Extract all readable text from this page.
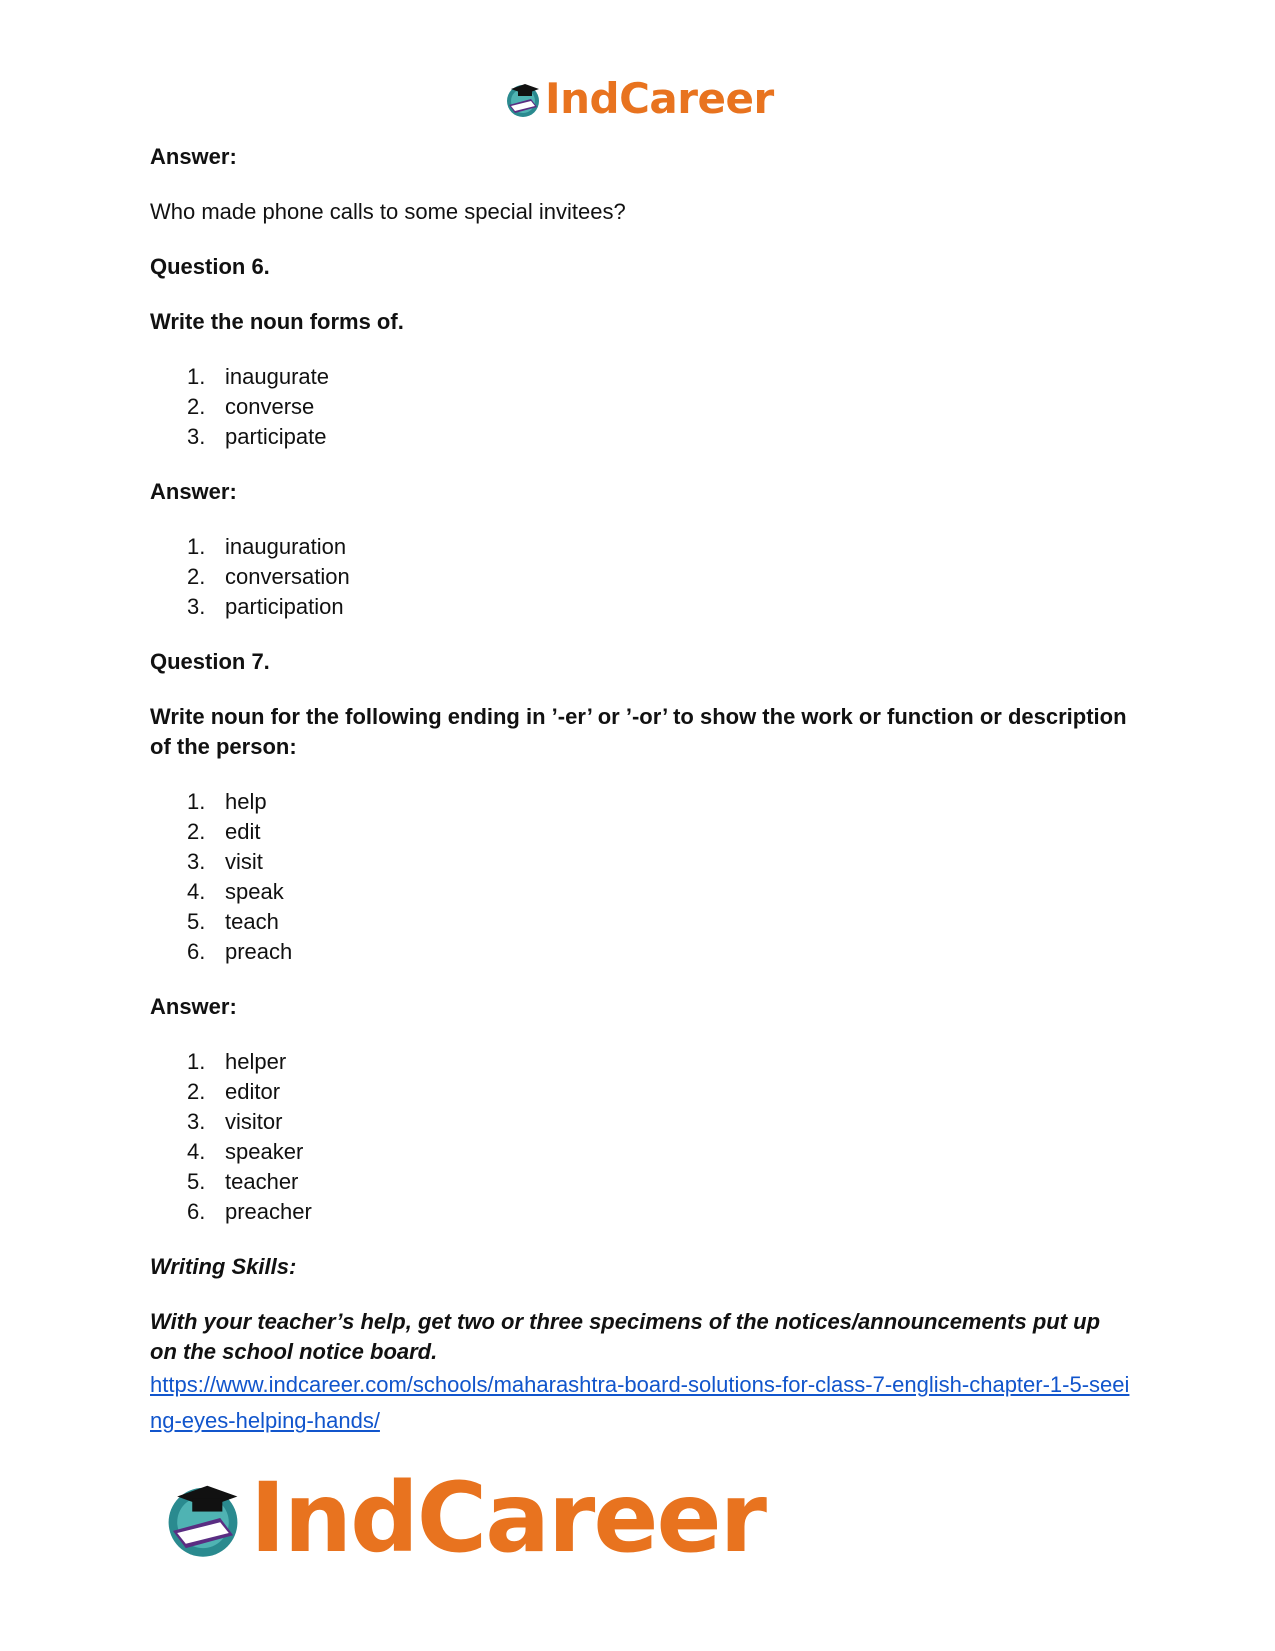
IndCareer

Answer:

Who made phone calls to some special invitees?

Question 6.

Write the noun forms of.

1. inaugurate
2. converse
3. participate

Answer:

1. inauguration
2. conversation
3. participation

Question 7.

Write noun for the following ending in ’-er’ or ’-or’ to show the work or function or description of the person:

1. help
2. edit
3. visit
4. speak
5. teach
6. preach

Answer:

1. helper
2. editor
3. visitor
4. speaker
5. teacher
6. preacher

Writing Skills:

With your teacher’s help, get two or three specimens of the notices/announcements put up on the school notice board.

https://www.indcareer.com/schools/maharashtra-board-solutions-for-class-7-english-chapter-1-5-seeing-eyes-helping-hands/
IndCareer
